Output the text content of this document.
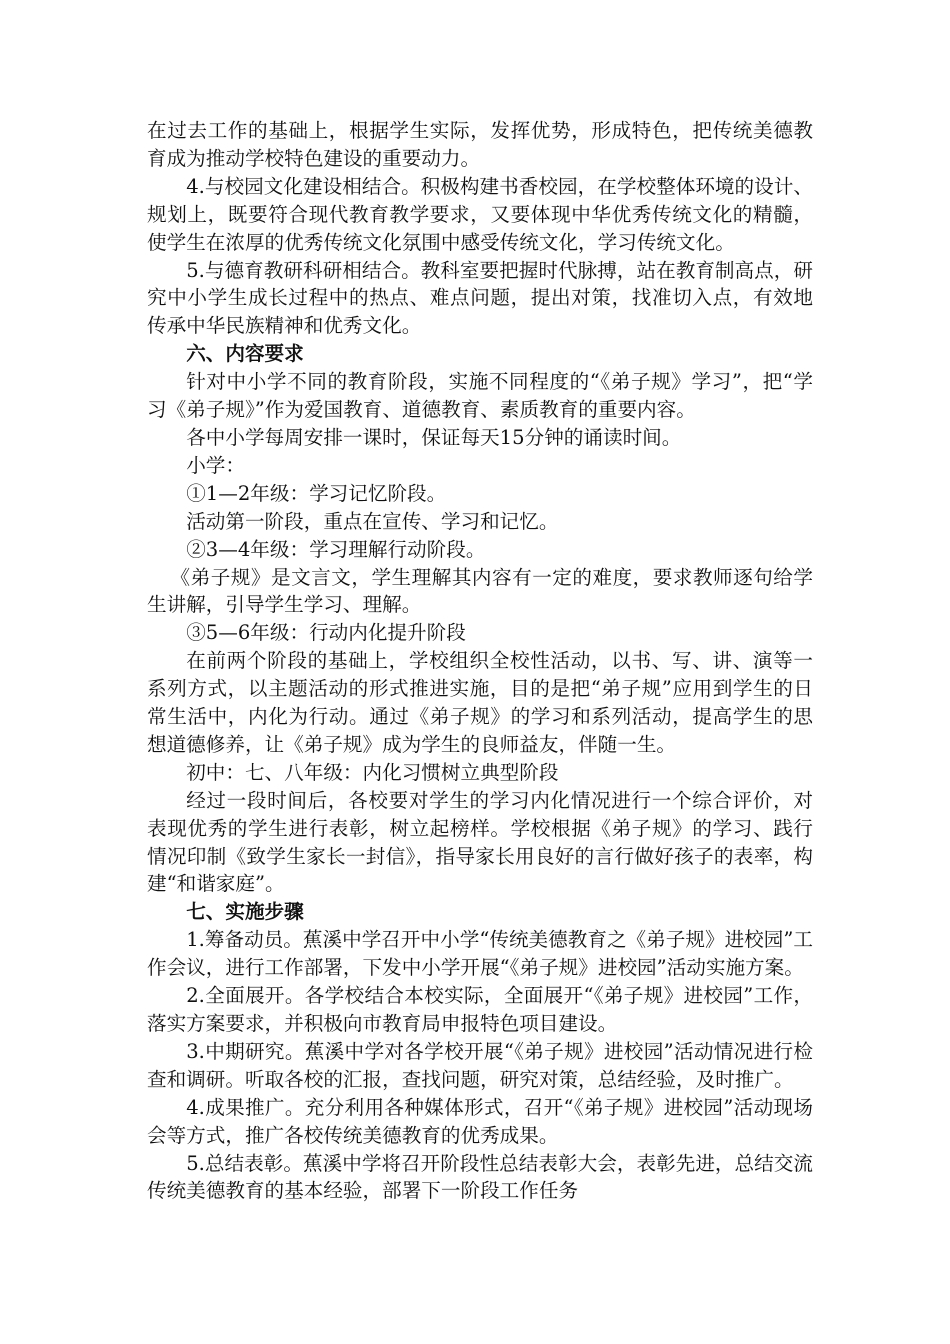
在过去工作的基础上，根据学生实际，发挥优势，形成特色，把传统美德教育成为推动学校特色建设的重要动力。

4.与校园文化建设相结合。积极构建书香校园，在学校整体环境的设计、规划上，既要符合现代教育教学要求，又要体现中华优秀传统文化的精髓，使学生在浓厚的优秀传统文化氛围中感受传统文化，学习传统文化。

5.与德育教研科研相结合。教科室要把握时代脉搏，站在教育制高点，研究中小学生成长过程中的热点、难点问题，提出对策，找准切入点，有效地传承中华民族精神和优秀文化。

六、内容要求

针对中小学不同的教育阶段，实施不同程度的“《弟子规》学习”，把“学习《弟子规》”作为爱国教育、道德教育、素质教育的重要内容。

各中小学每周安排一课时，保证每天15分钟的诵读时间。

小学：

①1—2年级：学习记忆阶段。

活动第一阶段，重点在宣传、学习和记忆。

②3—4年级：学习理解行动阶段。

《弟子规》是文言文，学生理解其内容有一定的难度，要求教师逐句给学生讲解，引导学生学习、理解。

③5—6年级：行动内化提升阶段

在前两个阶段的基础上，学校组织全校性活动，以书、写、讲、演等一系列方式，以主题活动的形式推进实施，目的是把“弟子规”应用到学生的日常生活中，内化为行动。通过《弟子规》的学习和系列活动，提高学生的思想道德修养，让《弟子规》成为学生的良师益友，伴随一生。

初中：七、八年级：内化习惯树立典型阶段

经过一段时间后，各校要对学生的学习内化情况进行一个综合评价，对表现优秀的学生进行表彰，树立起榜样。学校根据《弟子规》的学习、践行情况印制《致学生家长一封信》，指导家长用良好的言行做好孩子的表率，构建“和谐家庭”。

七、实施步骤

1.筹备动员。蕉溪中学召开中小学“传统美德教育之《弟子规》进校园”工作会议，进行工作部署，下发中小学开展“《弟子规》进校园”活动实施方案。

2.全面展开。各学校结合本校实际，全面展开“《弟子规》进校园”工作，落实方案要求，并积极向市教育局申报特色项目建设。

3.中期研究。蕉溪中学对各学校开展“《弟子规》进校园”活动情况进行检查和调研。听取各校的汇报，查找问题，研究对策，总结经验，及时推广。

4.成果推广。充分利用各种媒体形式，召开“《弟子规》进校园”活动现场会等方式，推广各校传统美德教育的优秀成果。

5.总结表彰。蕉溪中学将召开阶段性总结表彰大会，表彰先进，总结交流传统美德教育的基本经验，部署下一阶段工作任务
